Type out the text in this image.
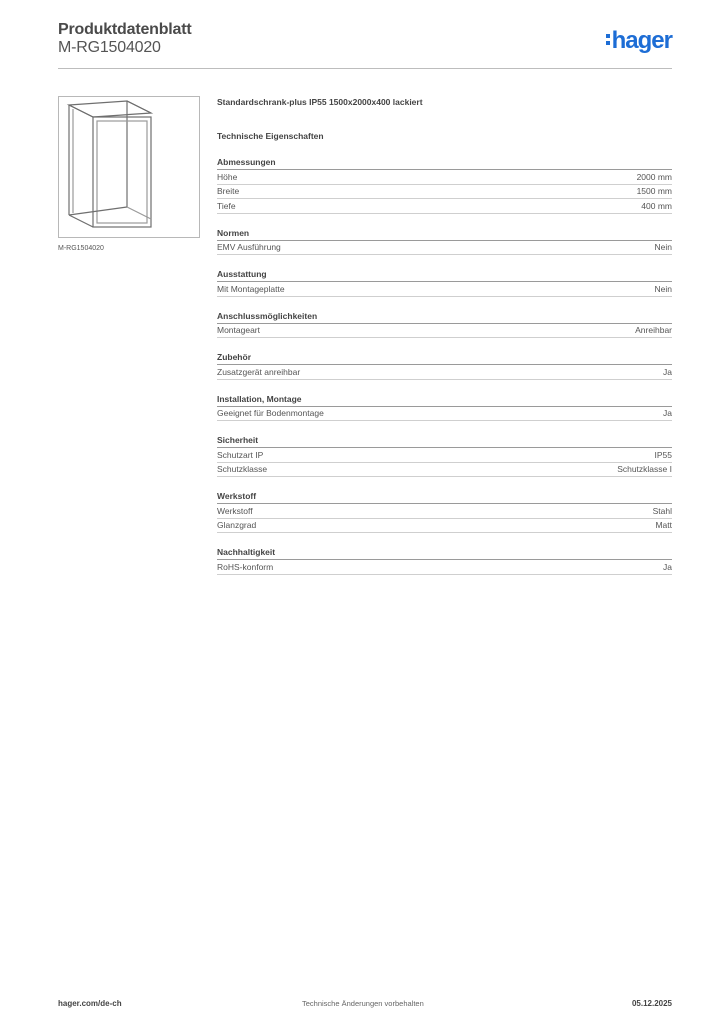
Produktdatenblatt
M-RG1504020	hager
M-RG1504020
Standardschrank-plus IP55 1500x2000x400 lackiert
Technische Eigenschaften
Abmessungen
Höhe	2000 mm
Breite	1500 mm
Tiefe	400 mm
Normen
EMV Ausführung	Nein
Ausstattung
Mit Montageplatte	Nein
Anschlussmöglichkeiten
Montageart	Anreihbar
Zubehör
Zusatzgerät anreihbar	Ja
Installation, Montage
Geeignet für Bodenmontage	Ja
Sicherheit
Schutzart IP	IP55
Schutzklasse	Schutzklasse I
Werkstoff
Werkstoff	Stahl
Glanzgrad	Matt
Nachhaltigkeit
RoHS-konform	Ja
hager.com/de-ch	Technische Änderungen vorbehalten	05.12.2025
